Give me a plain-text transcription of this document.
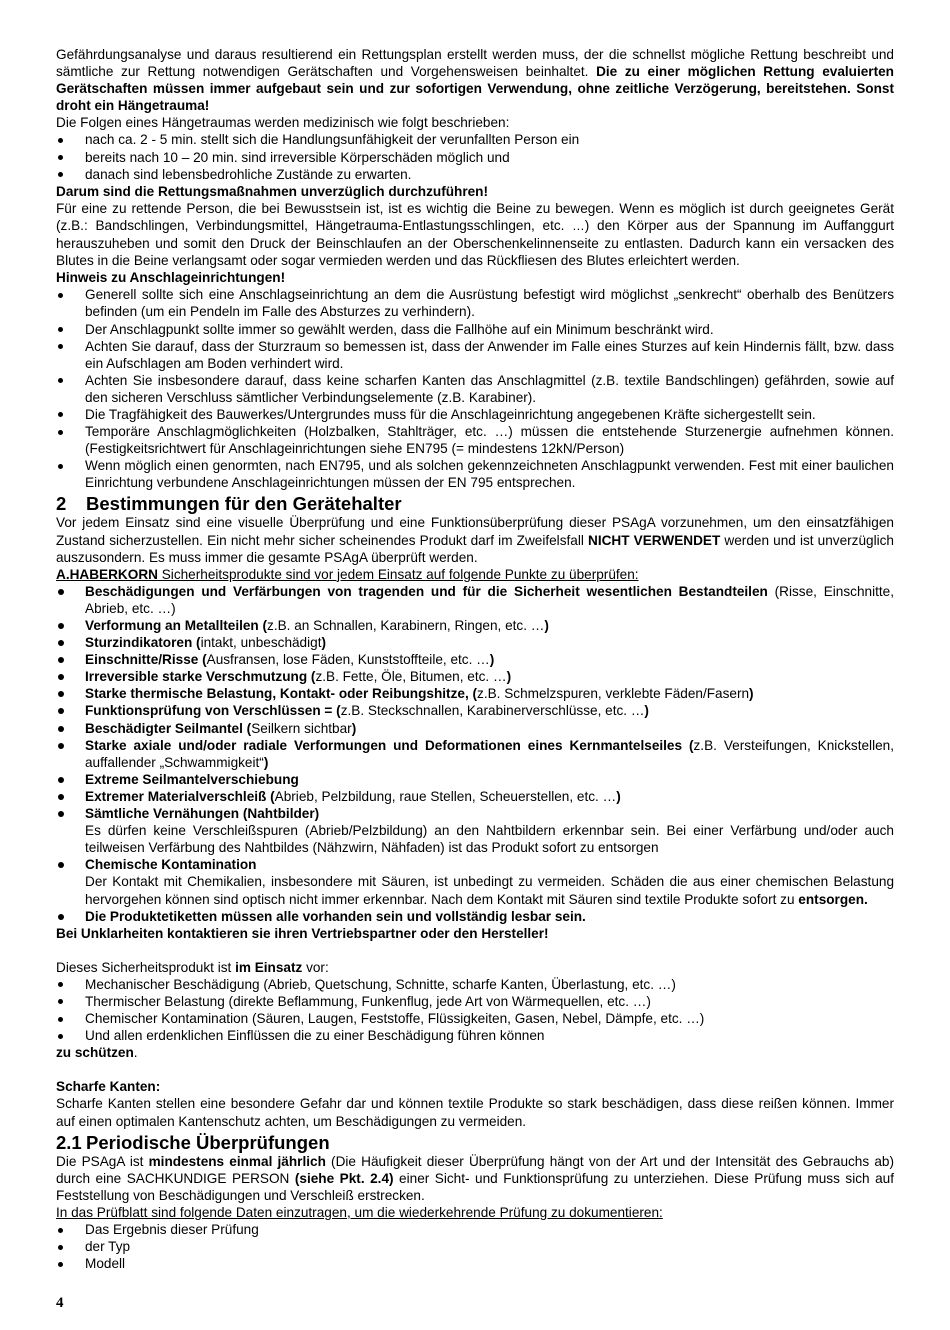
Gefährdungsanalyse und daraus resultierend ein Rettungsplan erstellt werden muss, der die schnellst mögliche Rettung beschreibt und sämtliche zur Rettung notwendigen Gerätschaften und Vorgehensweisen beinhaltet. Die zu einer möglichen Rettung evaluierten Gerätschaften müssen immer aufgebaut sein und zur sofortigen Verwendung, ohne zeitliche Verzögerung, bereitstehen. Sonst droht ein Hängetrauma!

Die Folgen eines Hängetraumas werden medizinisch wie folgt beschrieben:

nach ca. 2 - 5 min. stellt sich die Handlungsunfähigkeit der verunfallten Person ein
bereits nach 10 – 20 min. sind irreversible Körperschäden möglich und
danach sind lebensbedrohliche Zustände zu erwarten.

Darum sind die Rettungsmaßnahmen unverzüglich durchzuführen!

Für eine zu rettende Person, die bei Bewusstsein ist, ist es wichtig die Beine zu bewegen. Wenn es möglich ist durch geeignetes Gerät (z.B.: Bandschlingen, Verbindungsmittel, Hängetrauma-Entlastungsschlingen, etc. …) den Körper aus der Spannung im Auffanggurt herauszuheben und somit den Druck der Beinschlaufen an der Oberschenkelinnenseite zu entlasten. Dadurch kann ein versacken des Blutes in die Beine verlangsamt oder sogar vermieden werden und das Rückfliesen des Blutes erleichtert werden.

Hinweis zu Anschlageinrichtungen!

Generell sollte sich eine Anschlagseinrichtung an dem die Ausrüstung befestigt wird möglichst „senkrecht“ oberhalb des Benützers befinden (um ein Pendeln im Falle des Absturzes zu verhindern).
Der Anschlagpunkt sollte immer so gewählt werden, dass die Fallhöhe auf ein Minimum beschränkt wird.
Achten Sie darauf, dass der Sturzraum so bemessen ist, dass der Anwender im Falle eines Sturzes auf kein Hindernis fällt, bzw. dass ein Aufschlagen am Boden verhindert wird.
Achten Sie insbesondere darauf, dass keine scharfen Kanten das Anschlagmittel (z.B. textile Bandschlingen) gefährden, sowie auf den sicheren Verschluss sämtlicher Verbindungselemente (z.B. Karabiner).
Die Tragfähigkeit des Bauwerkes/Untergrundes muss für die Anschlageinrichtung angegebenen Kräfte sichergestellt sein.
Temporäre Anschlagmöglichkeiten (Holzbalken, Stahlträger, etc. …) müssen die entstehende Sturzenergie aufnehmen können. (Festigkeitsrichtwert für Anschlageinrichtungen siehe EN795 (= mindestens 12kN/Person)
Wenn möglich einen genormten, nach EN795, und als solchen gekennzeichneten Anschlagpunkt verwenden. Fest mit einer baulichen Einrichtung verbundene Anschlageinrichtungen müssen der EN 795 entsprechen.
2 Bestimmungen für den Gerätehalter

Vor jedem Einsatz sind eine visuelle Überprüfung und eine Funktionsüberprüfung dieser PSAgA vorzunehmen, um den einsatzfähigen Zustand sicherzustellen. Ein nicht mehr sicher scheinendes Produkt darf im Zweifelsfall NICHT VERWENDET werden und ist unverzüglich auszusondern. Es muss immer die gesamte PSAgA überprüft werden.

A.HABERKORN Sicherheitsprodukte sind vor jedem Einsatz auf folgende Punkte zu überprüfen:

Beschädigungen und Verfärbungen von tragenden und für die Sicherheit wesentlichen Bestandteilen (Risse, Einschnitte, Abrieb, etc. …)
Verformung an Metallteilen (z.B. an Schnallen, Karabinern, Ringen, etc. …)
Sturzindikatoren (intakt, unbeschädigt)
Einschnitte/Risse (Ausfransen, lose Fäden, Kunststoffteile, etc. …)
Irreversible starke Verschmutzung (z.B. Fette, Öle, Bitumen, etc. …)
Starke thermische Belastung, Kontakt- oder Reibungshitze, (z.B. Schmelzspuren, verklebte Fäden/Fasern)
Funktionsprüfung von Verschlüssen = (z.B. Steckschnallen, Karabinerverschlüsse, etc. …)
Beschädigter Seilmantel (Seilkern sichtbar)
Starke axiale und/oder radiale Verformungen und Deformationen eines Kernmantelseiles (z.B. Versteifungen, Knickstellen, auffallender „Schwammigkeit“)
Extreme Seilmantelverschiebung
Extremer Materialverschleiß (Abrieb, Pelzbildung, raue Stellen, Scheuerstellen, etc. …)
Sämtliche Vernähungen (Nahtbilder)
Es dürfen keine Verschleißspuren (Abrieb/Pelzbildung) an den Nahtbildern erkennbar sein. Bei einer Verfärbung und/oder auch teilweisen Verfärbung des Nahtbildes (Nähzwirn, Nähfaden) ist das Produkt sofort zu entsorgen
Chemische Kontamination
Der Kontakt mit Chemikalien, insbesondere mit Säuren, ist unbedingt zu vermeiden. Schäden die aus einer chemischen Belastung hervorgehen können sind optisch nicht immer erkennbar. Nach dem Kontakt mit Säuren sind textile Produkte sofort zu entsorgen.
Die Produktetiketten müssen alle vorhanden sein und vollständig lesbar sein.

Bei Unklarheiten kontaktieren sie ihren Vertriebspartner oder den Hersteller!

Dieses Sicherheitsprodukt ist im Einsatz vor:

Mechanischer Beschädigung (Abrieb, Quetschung, Schnitte, scharfe Kanten, Überlastung, etc. …)
Thermischer Belastung (direkte Beflammung, Funkenflug, jede Art von Wärmequellen, etc. …)
Chemischer Kontamination (Säuren, Laugen, Feststoffe, Flüssigkeiten, Gasen, Nebel, Dämpfe, etc. …)
Und allen erdenklichen Einflüssen die zu einer Beschädigung führen können

zu schützen.

Scharfe Kanten:

Scharfe Kanten stellen eine besondere Gefahr dar und können textile Produkte so stark beschädigen, dass diese reißen können. Immer auf einen optimalen Kantenschutz achten, um Beschädigungen zu vermeiden.

2.1 Periodische Überprüfungen

Die PSAgA ist mindestens einmal jährlich (Die Häufigkeit dieser Überprüfung hängt von der Art und der Intensität des Gebrauchs ab) durch eine SACHKUNDIGE PERSON (siehe Pkt. 2.4) einer Sicht- und Funktionsprüfung zu unterziehen. Diese Prüfung muss sich auf Feststellung von Beschädigungen und Verschleiß erstrecken.

In das Prüfblatt sind folgende Daten einzutragen, um die wiederkehrende Prüfung zu dokumentieren:

Das Ergebnis dieser Prüfung
der Typ
Modell
4
